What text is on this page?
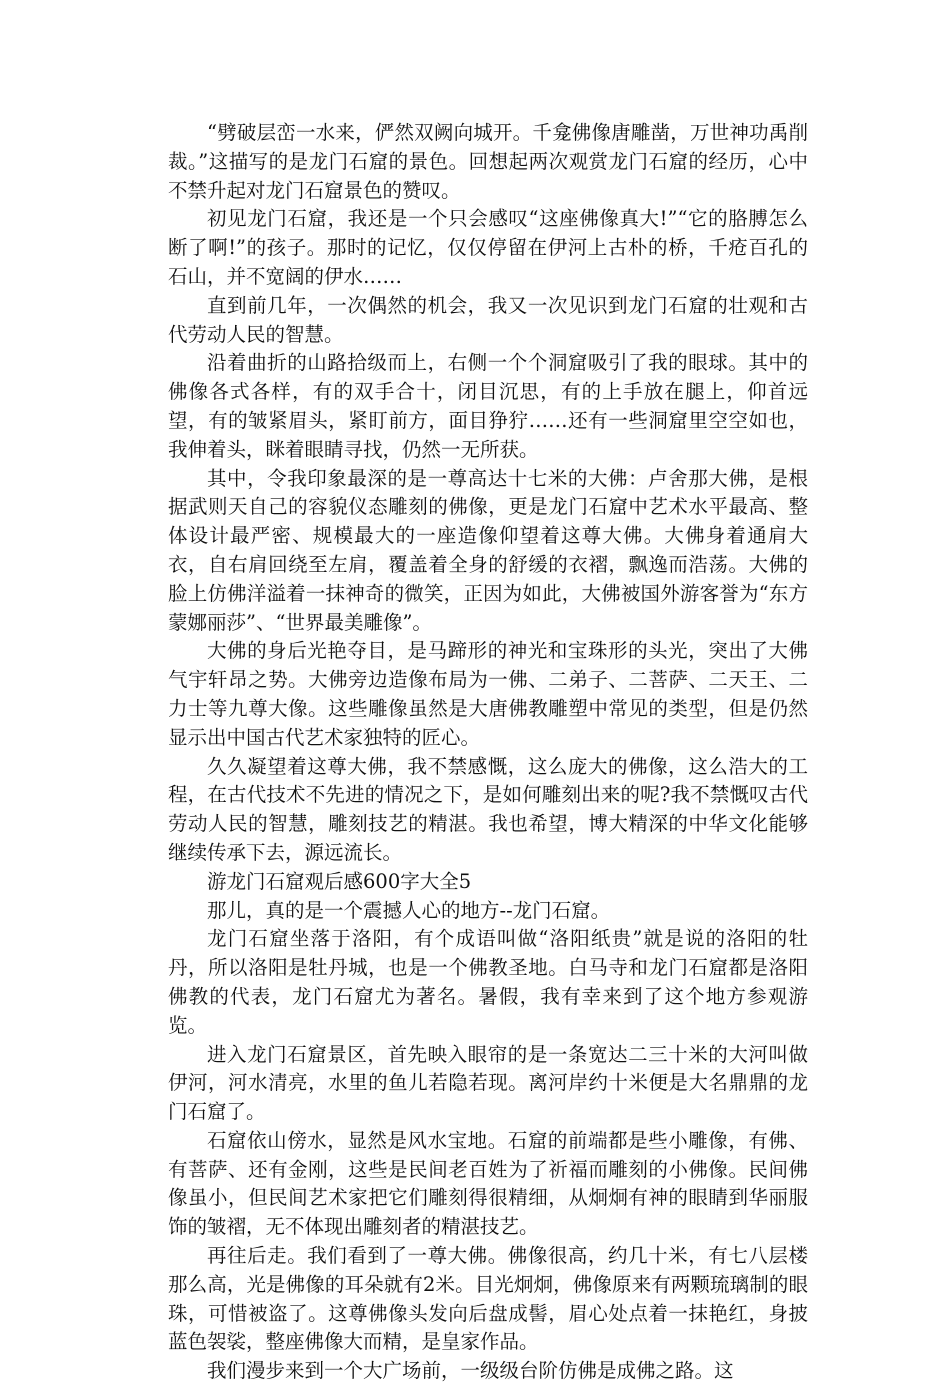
“劈破层峦一水来，俨然双阙向城开。千龛佛像唐雕凿，万世神功禹削裁。”这描写的是龙门石窟的景色。回想起两次观赏龙门石窟的经历，心中不禁升起对龙门石窟景色的赞叹。

初见龙门石窟，我还是一个只会感叹“这座佛像真大!”“它的胳膊怎么断了啊!”的孩子。那时的记忆，仅仅停留在伊河上古朴的桥，千疮百孔的石山，并不宽阔的伊水……

直到前几年，一次偶然的机会，我又一次见识到龙门石窟的壮观和古代劳动人民的智慧。

沿着曲折的山路拾级而上，右侧一个个洞窟吸引了我的眼球。其中的佛像各式各样，有的双手合十，闭目沉思，有的上手放在腿上，仰首远望，有的皱紧眉头，紧盯前方，面目狰狞……还有一些洞窟里空空如也，我伸着头，眯着眼睛寻找，仍然一无所获。

其中，令我印象最深的是一尊高达十七米的大佛：卢舍那大佛，是根据武则天自己的容貌仪态雕刻的佛像，更是龙门石窟中艺术水平最高、整体设计最严密、规模最大的一座造像仰望着这尊大佛。大佛身着通肩大衣，自右肩回绕至左肩，覆盖着全身的舒缓的衣褶，飘逸而浩荡。大佛的脸上仿佛洋溢着一抹神奇的微笑，正因为如此，大佛被国外游客誉为“东方蒙娜丽莎”、“世界最美雕像”。

大佛的身后光艳夺目，是马蹄形的神光和宝珠形的头光，突出了大佛气宇轩昂之势。大佛旁边造像布局为一佛、二弟子、二菩萨、二天王、二力士等九尊大像。这些雕像虽然是大唐佛教雕塑中常见的类型，但是仍然显示出中国古代艺术家独特的匠心。

久久凝望着这尊大佛，我不禁感慨，这么庞大的佛像，这么浩大的工程，在古代技术不先进的情况之下，是如何雕刻出来的呢?我不禁慨叹古代劳动人民的智慧，雕刻技艺的精湛。我也希望，博大精深的中华文化能够继续传承下去，源远流长。

游龙门石窟观后感600字大全5

那儿，真的是一个震撼人心的地方--龙门石窟。

龙门石窟坐落于洛阳，有个成语叫做“洛阳纸贵”就是说的洛阳的牡丹，所以洛阳是牡丹城，也是一个佛教圣地。白马寺和龙门石窟都是洛阳佛教的代表，龙门石窟尤为著名。暑假，我有幸来到了这个地方参观游览。

进入龙门石窟景区，首先映入眼帘的是一条宽达二三十米的大河叫做伊河，河水清亮，水里的鱼儿若隐若现。离河岸约十米便是大名鼎鼎的龙门石窟了。

石窟依山傍水，显然是风水宝地。石窟的前端都是些小雕像，有佛、有菩萨、还有金刚，这些是民间老百姓为了祈福而雕刻的小佛像。民间佛像虽小，但民间艺术家把它们雕刻得很精细，从炯炯有神的眼睛到华丽服饰的皱褶，无不体现出雕刻者的精湛技艺。

再往后走。我们看到了一尊大佛。佛像很高，约几十米，有七八层楼那么高，光是佛像的耳朵就有2米。目光炯炯，佛像原来有两颗琉璃制的眼珠，可惜被盗了。这尊佛像头发向后盘成髻，眉心处点着一抹艳红，身披蓝色袈裟，整座佛像大而精，是皇家作品。

我们漫步来到一个大广场前，一级级台阶仿佛是成佛之路。这
